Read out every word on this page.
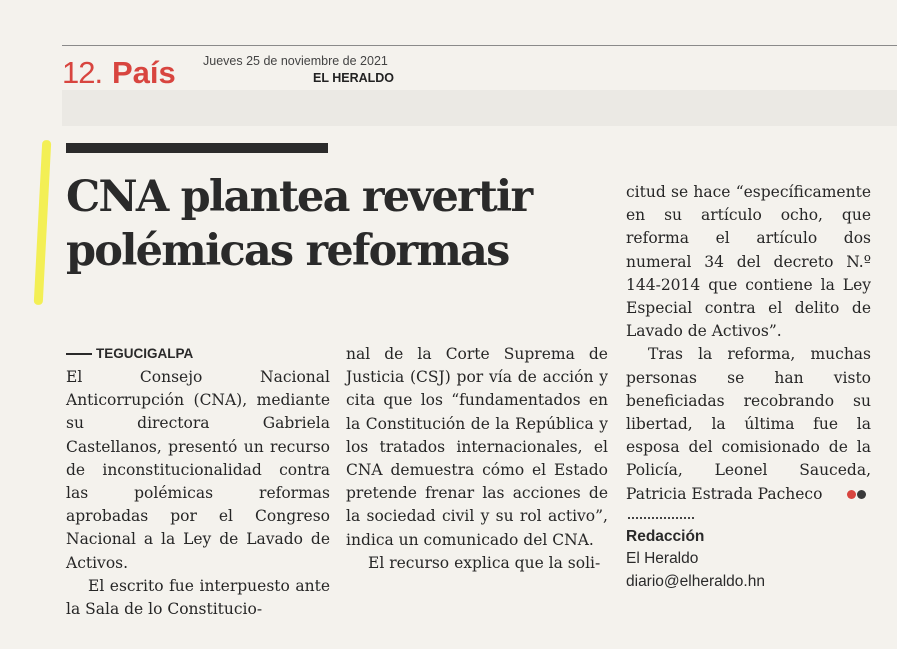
12. País Jueves 25 de noviembre de 2021
EL HERALDO
CNA plantea revertir
polémicas reformas
TEGUCIGALPA

El Consejo Nacional Anticorrupción (CNA), mediante su directora Gabriela Castellanos, presentó un recurso de inconstitucionalidad contra las polémicas reformas aprobadas por el Congreso Nacional a la Ley de Lavado de Activos.

El escrito fue interpuesto ante la Sala de lo Constitucio-

nal de la Corte Suprema de Justicia (CSJ) por vía de acción y cita que los “fundamentados en la Constitución de la República y los tratados internacionales, el CNA demuestra cómo el Estado pretende frenar las acciones de la sociedad civil y su rol activo”, indica un comunicado del CNA.

El recurso explica que la soli-

citud se hace “específicamente en su artículo ocho, que reforma el artículo dos numeral 34 del decreto N.º 144-2014 que contiene la Ley Especial contra el delito de Lavado de Activos”.

Tras la reforma, muchas personas se han visto beneficiadas recobrando su libertad, la última fue la esposa del comisionado de la Policía, Leonel Sauceda, Patricia Estrada Pacheco

Redacción
El Heraldo
diario@elheraldo.hn
